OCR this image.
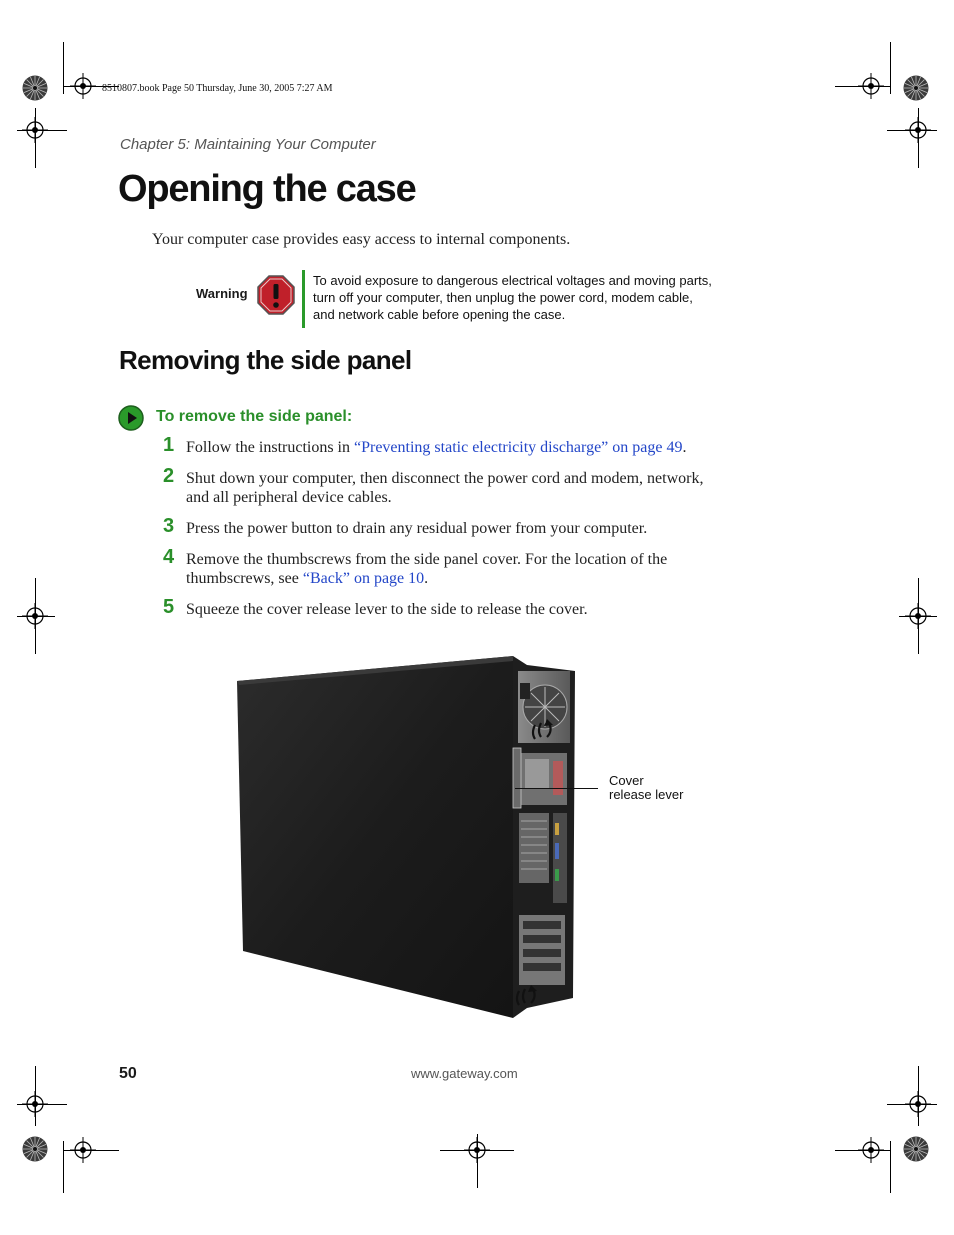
8510807.book Page 50 Thursday, June 30, 2005 7:27 AM
Chapter 5: Maintaining Your Computer
Opening the case
Your computer case provides easy access to internal components.
Warning
To avoid exposure to dangerous electrical voltages and moving parts,
turn off your computer, then unplug the power cord, modem cable,
and network cable before opening the case.
Removing the side panel
To remove the side panel:
1 Follow the instructions in “Preventing static electricity discharge” on page 49.
2 Shut down your computer, then disconnect the power cord and modem, network,
and all peripheral device cables.
3 Press the power button to drain any residual power from your computer.
4 Remove the thumbscrews from the side panel cover. For the location of the
thumbscrews, see “Back” on page 10.
5 Squeeze the cover release lever to the side to release the cover.
Cover
release lever
50	www.gateway.com
